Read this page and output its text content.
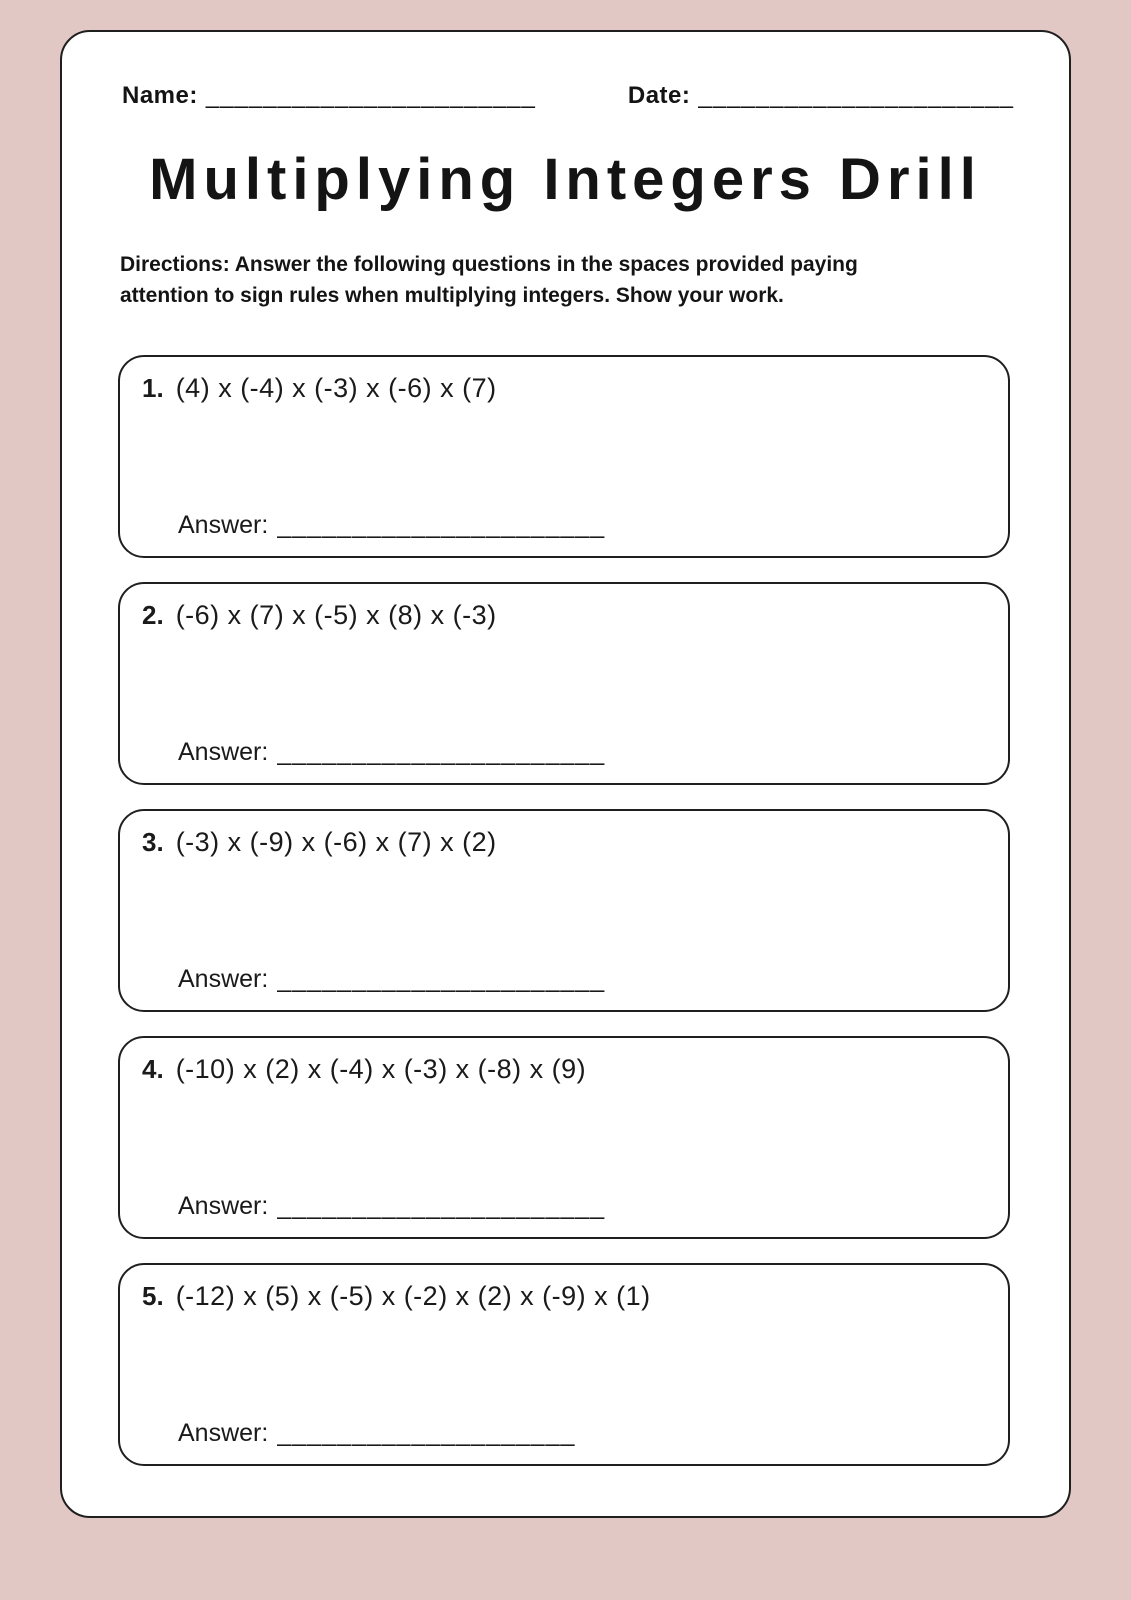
Name: _______________________	Date: ______________________
Multiplying Integers Drill
Directions: Answer the following questions in the spaces provided paying attention to sign rules when multiplying integers. Show your work.
1. (4) x (-4) x (-3) x (-6) x (7)
Answer: ______________________
2. (-6) x (7) x (-5) x (8) x (-3)
Answer: ______________________
3. (-3) x (-9) x (-6) x (7) x (2)
Answer: ______________________
4. (-10) x (2) x (-4) x (-3) x (-8) x (9)
Answer: ______________________
5. (-12) x (5) x (-5) x (-2) x (2) x (-9) x (1)
Answer: ____________________
